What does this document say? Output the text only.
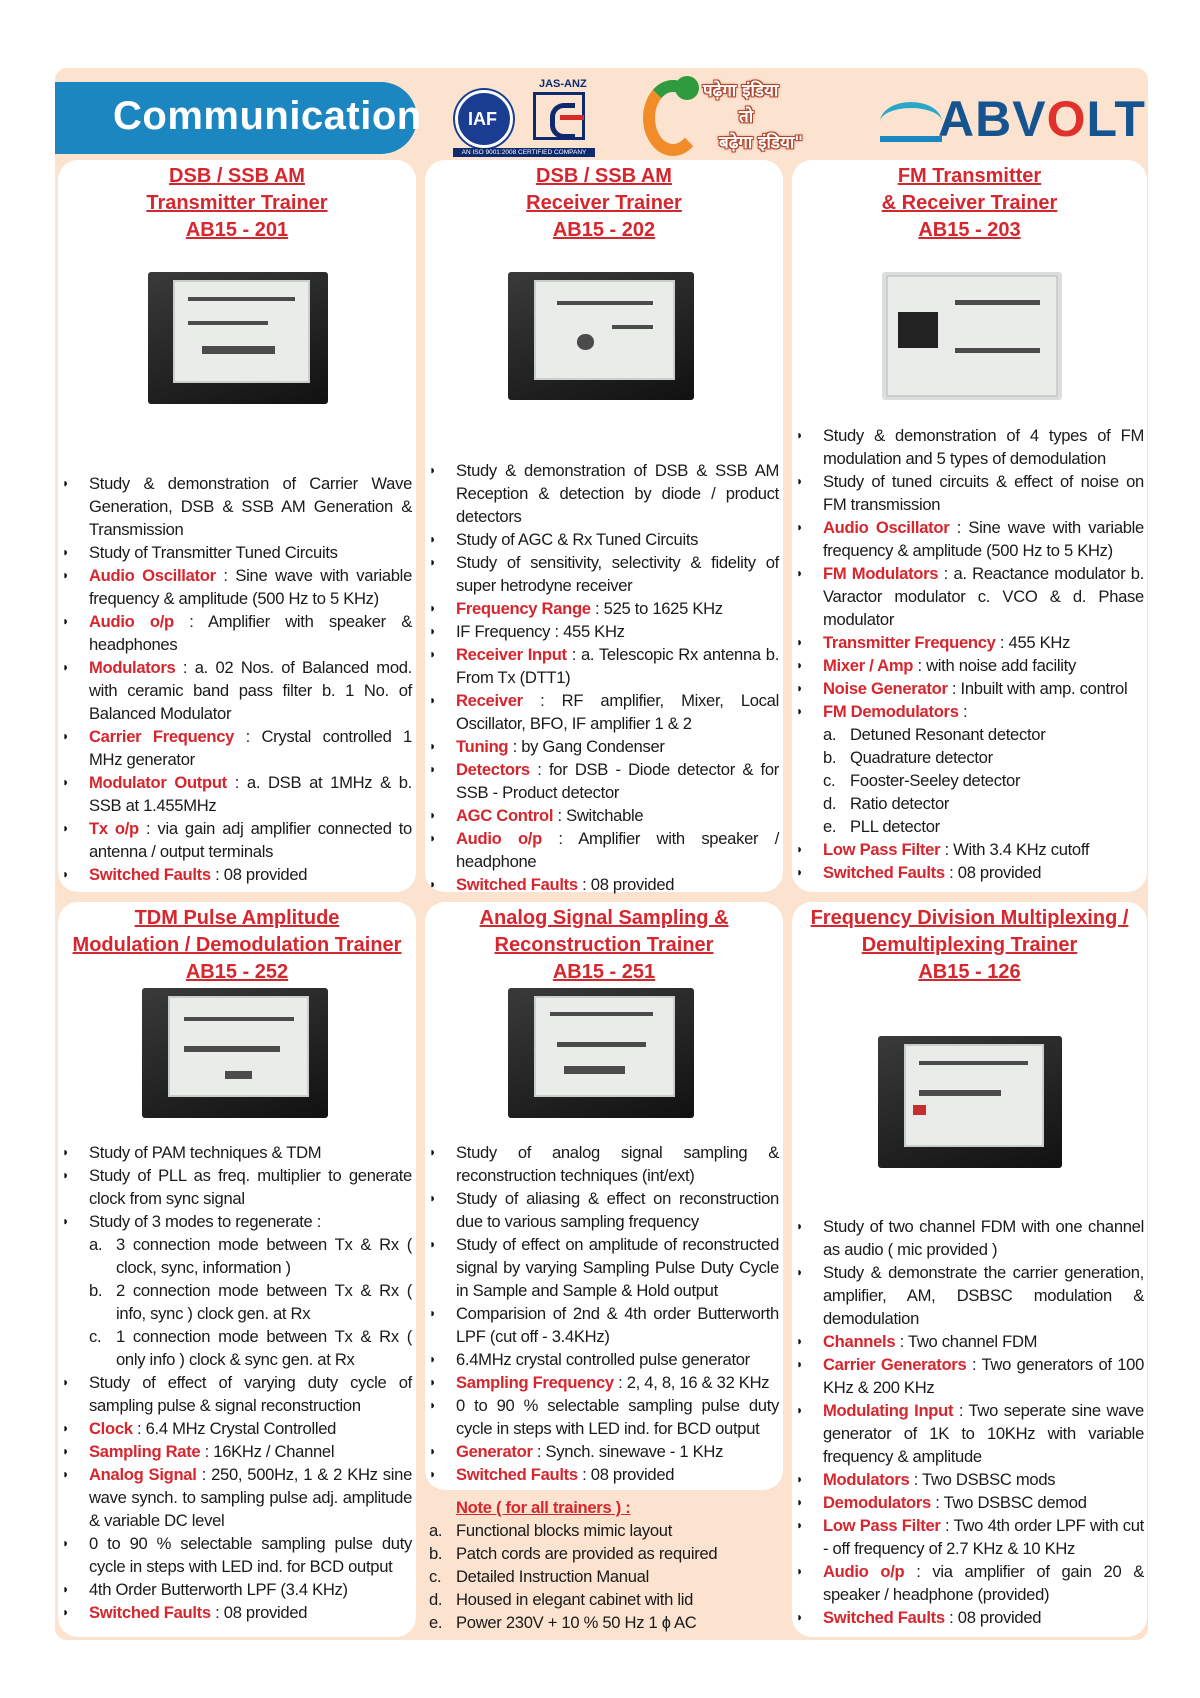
Communication	IAF
JAS-ANZ
AN ISO 9001:2008 CERTIFIED COMPANY
पढ़ेगा इंडिया
तो
बढ़ेगा इंडिया"	ABVOLT
DSB / SSB AM
Transmitter Trainer
AB15 - 201
DSB / SSB AM
Receiver Trainer
AB15 - 202
FM Transmitter
& Receiver Trainer
AB15 - 203
TDM Pulse Amplitude
Modulation / Demodulation Trainer
AB15 - 252
Analog Signal Sampling &
Reconstruction Trainer
AB15 - 251
Frequency Division Multiplexing /
Demultiplexing Trainer
AB15 - 126
◗ Study & demonstration of Carrier Wave Generation, DSB & SSB AM Generation & Transmission
◗ Study of Transmitter Tuned Circuits
◗ Audio Oscillator : Sine wave with variable frequency & amplitude (500 Hz to 5 KHz)
◗ Audio o/p : Amplifier with speaker & headphones
◗ Modulators : a. 02 Nos. of Balanced mod. with ceramic band pass filter b. 1 No. of Balanced Modulator
◗ Carrier Frequency : Crystal controlled 1 MHz generator
◗ Modulator Output : a. DSB at 1MHz & b. SSB at 1.455MHz
◗ Tx o/p : via gain adj amplifier connected to antenna / output terminals
◗ Switched Faults : 08 provided
◗ Study & demonstration of DSB & SSB AM Reception & detection by diode / product detectors
◗ Study of AGC & Rx Tuned Circuits
◗ Study of sensitivity, selectivity & fidelity of super hetrodyne receiver
◗ Frequency Range : 525 to 1625 KHz
◗ IF Frequency : 455 KHz
◗ Receiver Input : a. Telescopic Rx antenna b. From Tx (DTT1)
◗ Receiver : RF amplifier, Mixer, Local Oscillator, BFO, IF amplifier 1 & 2
◗ Tuning : by Gang Condenser
◗ Detectors : for DSB - Diode detector & for SSB - Product detector
◗ AGC Control : Switchable
◗ Audio o/p : Amplifier with speaker / headphone
◗ Switched Faults : 08 provided
◗ Study & demonstration of 4 types of FM modulation and 5 types of demodulation
◗ Study of tuned circuits & effect of noise on FM transmission
◗ Audio Oscillator : Sine wave with variable frequency & amplitude (500 Hz to 5 KHz)
◗ FM Modulators : a. Reactance modulator b. Varactor modulator c. VCO & d. Phase modulator
◗ Transmitter Frequency : 455 KHz
◗ Mixer / Amp : with noise add facility
◗ Noise Generator : Inbuilt with amp. control
◗ FM Demodulators :
a. Detuned Resonant detector
b. Quadrature detector
c. Fooster-Seeley detector
d. Ratio detector
e. PLL detector
◗ Low Pass Filter : With 3.4 KHz cutoff
◗ Switched Faults : 08 provided
◗ Study of PAM techniques & TDM
◗ Study of PLL as freq. multiplier to generate clock from sync signal
◗ Study of 3 modes to regenerate :
a. 3 connection mode between Tx & Rx ( clock, sync, information )
b. 2 connection mode between Tx & Rx ( info, sync ) clock gen. at Rx
c. 1 connection mode between Tx & Rx ( only info ) clock & sync gen. at Rx
◗ Study of effect of varying duty cycle of sampling pulse & signal reconstruction
◗ Clock : 6.4 MHz Crystal Controlled
◗ Sampling Rate : 16KHz / Channel
◗ Analog Signal : 250, 500Hz, 1 & 2 KHz sine wave synch. to sampling pulse adj. amplitude & variable DC level
◗ 0 to 90 % selectable sampling pulse duty cycle in steps with LED ind. for BCD output
◗ 4th Order Butterworth LPF (3.4 KHz)
◗ Switched Faults : 08 provided
◗ Study of analog signal sampling & reconstruction techniques (int/ext)
◗ Study of aliasing & effect on reconstruction due to various sampling frequency
◗ Study of effect on amplitude of reconstructed signal by varying Sampling Pulse Duty Cycle in Sample and Sample & Hold output
◗ Comparision of 2nd & 4th order Butterworth LPF (cut off - 3.4KHz)
◗ 6.4MHz crystal controlled pulse generator
◗ Sampling Frequency : 2, 4, 8, 16 & 32 KHz
◗ 0 to 90 % selectable sampling pulse duty cycle in steps with LED ind. for BCD output
◗ Generator : Synch. sinewave - 1 KHz
◗ Switched Faults : 08 provided
◗ Study of two channel FDM with one channel as audio ( mic provided )
◗ Study & demonstrate the carrier generation, amplifier, AM, DSBSC modulation & demodulation
◗ Channels : Two channel FDM
◗ Carrier Generators : Two generators of 100 KHz & 200 KHz
◗ Modulating Input : Two seperate sine wave generator of 1K to 10KHz with variable frequency & amplitude
◗ Modulators : Two DSBSC mods
◗ Demodulators : Two DSBSC demod
◗ Low Pass Filter : Two 4th order LPF with cut - off frequency of 2.7 KHz & 10 KHz
◗ Audio o/p : via amplifier of gain 20 & speaker / headphone (provided)
◗ Switched Faults : 08 provided
Note ( for all trainers ) :
a. Functional blocks mimic layout
b. Patch cords are provided as required
c. Detailed Instruction Manual
d. Housed in elegant cabinet with lid
e. Power 230V + 10 % 50 Hz 1 ɸ AC
